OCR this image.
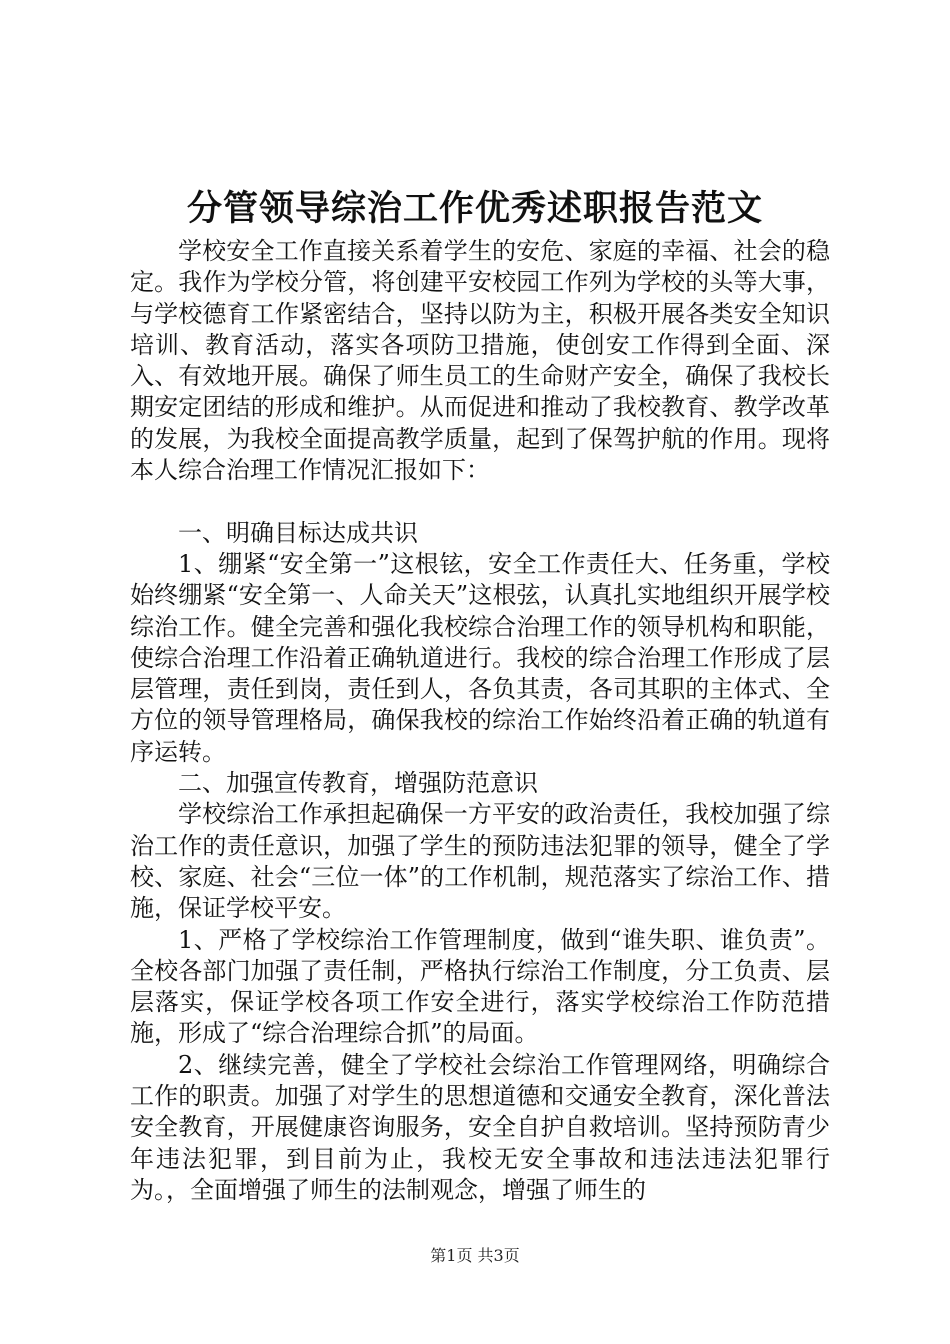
分管领导综治工作优秀述职报告范文

学校安全工作直接关系着学生的安危、家庭的幸福、社会的稳定。我作为学校分管，将创建平安校园工作列为学校的头等大事，与学校德育工作紧密结合，坚持以防为主，积极开展各类安全知识培训、教育活动，落实各项防卫措施，使创安工作得到全面、深入、有效地开展。确保了师生员工的生命财产安全，确保了我校长期安定团结的形成和维护。从而促进和推动了我校教育、教学改革的发展，为我校全面提高教学质量，起到了保驾护航的作用。现将本人综合治理工作情况汇报如下：

一、明确目标达成共识

1、绷紧“安全第一”这根铉，安全工作责任大、任务重，学校始终绷紧“安全第一、人命关天”这根弦，认真扎实地组织开展学校综治工作。健全完善和强化我校综合治理工作的领导机构和职能，使综合治理工作沿着正确轨道进行。我校的综合治理工作形成了层层管理，责任到岗，责任到人，各负其责，各司其职的主体式、全方位的领导管理格局，确保我校的综治工作始终沿着正确的轨道有序运转。

二、加强宣传教育，增强防范意识

学校综治工作承担起确保一方平安的政治责任，我校加强了综治工作的责任意识，加强了学生的预防违法犯罪的领导，健全了学校、家庭、社会“三位一体”的工作机制，规范落实了综治工作、措施，保证学校平安。

1、严格了学校综治工作管理制度，做到“谁失职、谁负责”。全校各部门加强了责任制，严格执行综治工作制度，分工负责、层层落实，保证学校各项工作安全进行，落实学校综治工作防范措施，形成了“综合治理综合抓”的局面。

2、继续完善，健全了学校社会综治工作管理网络，明确综合工作的职责。加强了对学生的思想道德和交通安全教育，深化普法安全教育，开展健康咨询服务，安全自护自救培训。坚持预防青少年违法犯罪，到目前为止，我校无安全事故和违法违法犯罪行为。，全面增强了师生的法制观念，增强了师生的

第1页 共3页
